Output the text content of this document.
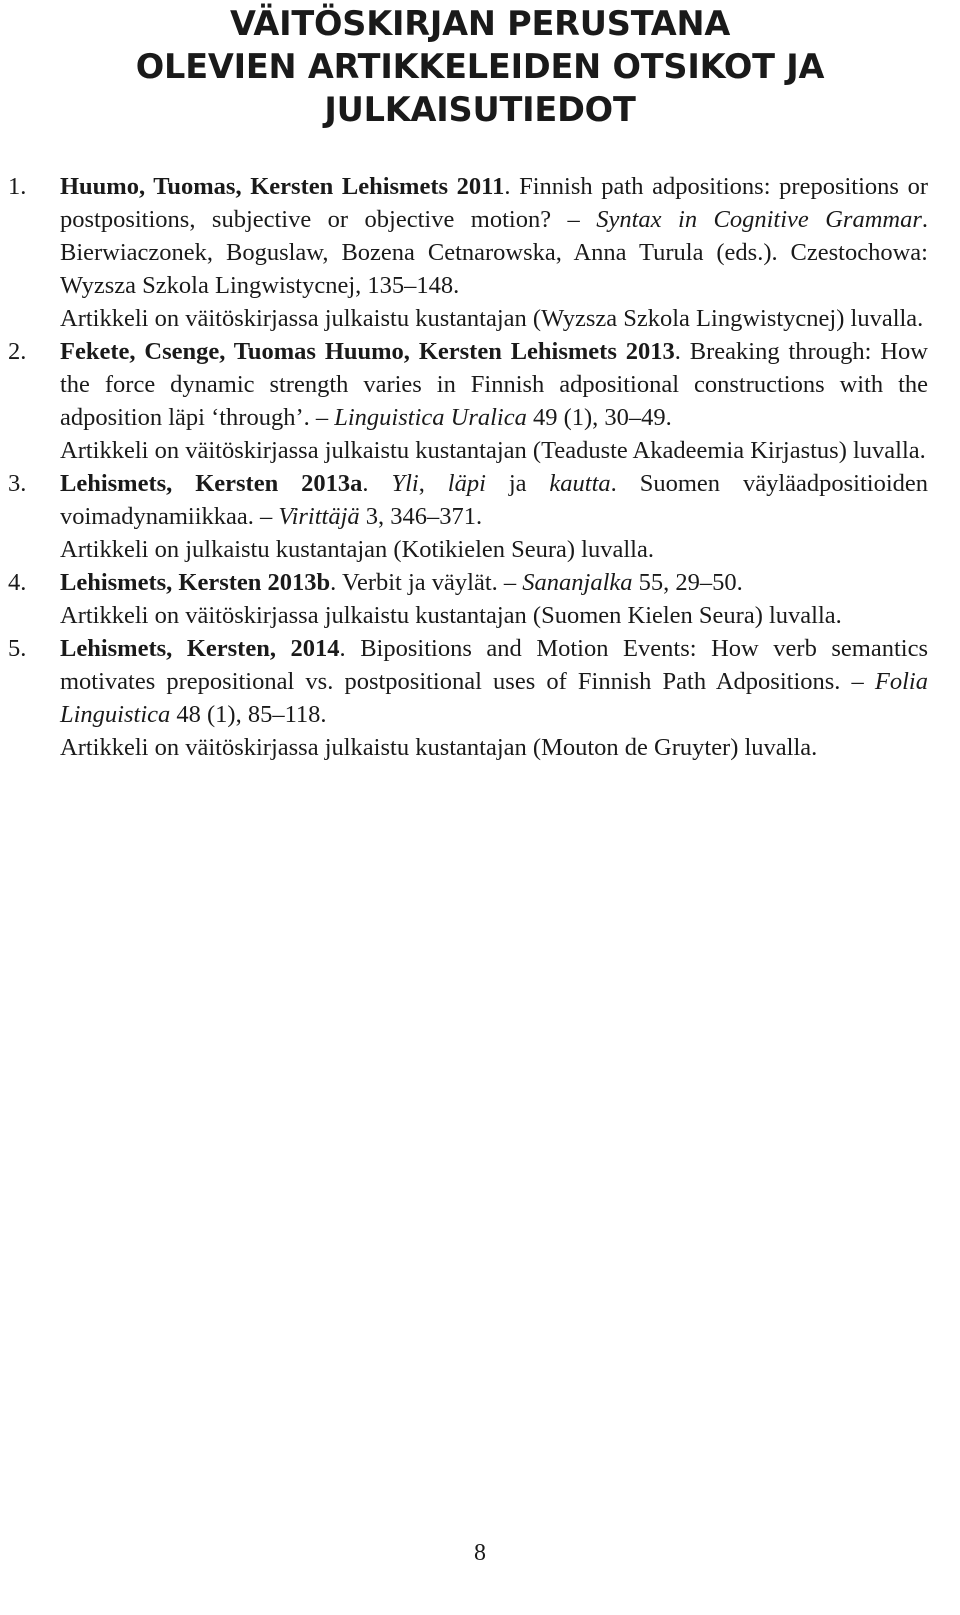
VÄITÖSKIRJAN PERUSTANA
OLEVIEN ARTIKKELEIDEN OTSIKOT JA
JULKAISUTIEDOT
1. Huumo, Tuomas, Kersten Lehismets 2011. Finnish path adpositions: prepositions or postpositions, subjective or objective motion? – Syntax in Cognitive Grammar. Bierwiaczonek, Boguslaw, Bozena Cetnarowska, Anna Turula (eds.). Czestochowa: Wyzsza Szkola Lingwistycnej, 135–148.

Artikkeli on väitöskirjassa julkaistu kustantajan (Wyzsza Szkola Lingwistycnej) luvalla.

2. Fekete, Csenge, Tuomas Huumo, Kersten Lehismets 2013. Breaking through: How the force dynamic strength varies in Finnish adpositional constructions with the adposition läpi ‘through’. – Linguistica Uralica 49 (1), 30–49.

Artikkeli on väitöskirjassa julkaistu kustantajan (Teaduste Akadeemia Kirjastus) luvalla.

3. Lehismets, Kersten 2013a. Yli, läpi ja kautta. Suomen väyläadpositioiden voimadynamiikkaa. – Virittäjä 3, 346–371.

Artikkeli on julkaistu kustantajan (Kotikielen Seura) luvalla.

4. Lehismets, Kersten 2013b. Verbit ja väylät. – Sananjalka 55, 29–50.

Artikkeli on väitöskirjassa julkaistu kustantajan (Suomen Kielen Seura) luvalla.

5. Lehismets, Kersten, 2014. Bipositions and Motion Events: How verb semantics motivates prepositional vs. postpositional uses of Finnish Path Adpositions. – Folia Linguistica 48 (1), 85–118.

Artikkeli on väitöskirjassa julkaistu kustantajan (Mouton de Gruyter) luvalla.

8
